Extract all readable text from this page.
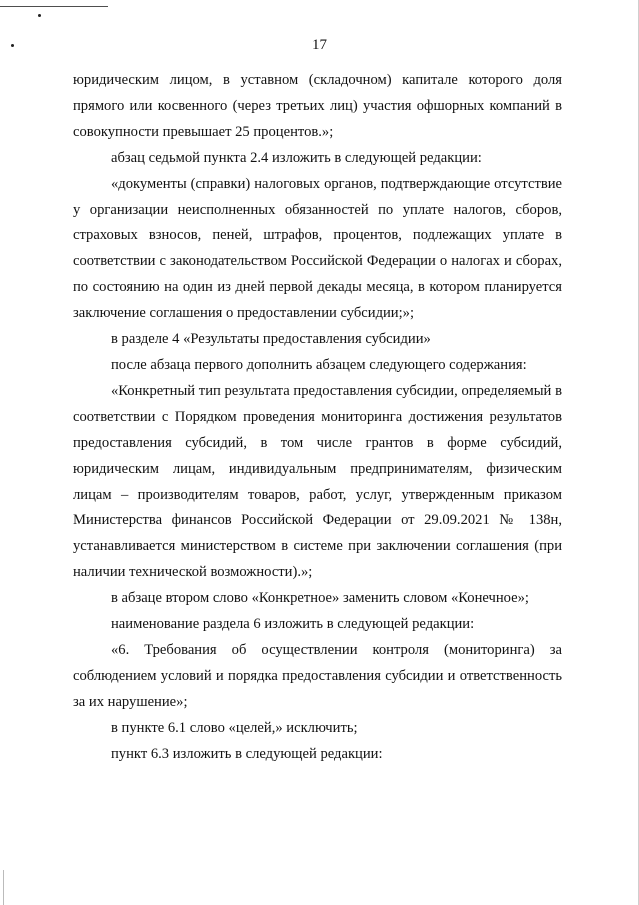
17

юридическим лицом, в уставном (складочном) капитале которого доля прямого или косвенного (через третьих лиц) участия офшорных компаний в совокупности превышает 25 процентов.»;

абзац седьмой пункта 2.4 изложить в следующей редакции:

«документы (справки) налоговых органов, подтверждающие отсутствие у организации неисполненных обязанностей по уплате налогов, сборов, страховых взносов, пеней, штрафов, процентов, подлежащих уплате в соответствии с законодательством Российской Федерации о налогах и сборах, по состоянию на один из дней первой декады месяца, в котором планируется заключение соглашения о предоставлении субсидии;»;

в разделе 4 «Результаты предоставления субсидии»

после абзаца первого дополнить абзацем следующего содержания:

«Конкретный тип результата предоставления субсидии, определяемый в соответствии с Порядком проведения мониторинга достижения результатов предоставления субсидий, в том числе грантов в форме субсидий, юридическим лицам, индивидуальным предпринимателям, физическим лицам – производителям товаров, работ, услуг, утвержденным приказом Министерства финансов Российской Федерации от 29.09.2021 № 138н, устанавливается министерством в системе при заключении соглашения (при наличии технической возможности).»;

в абзаце втором слово «Конкретное» заменить словом «Конечное»;

наименование раздела 6 изложить в следующей редакции:

«6. Требования об осуществлении контроля (мониторинга) за соблюдением условий и порядка предоставления субсидии и ответственность за их нарушение»;

в пункте 6.1 слово «целей,» исключить;

пункт 6.3 изложить в следующей редакции:
